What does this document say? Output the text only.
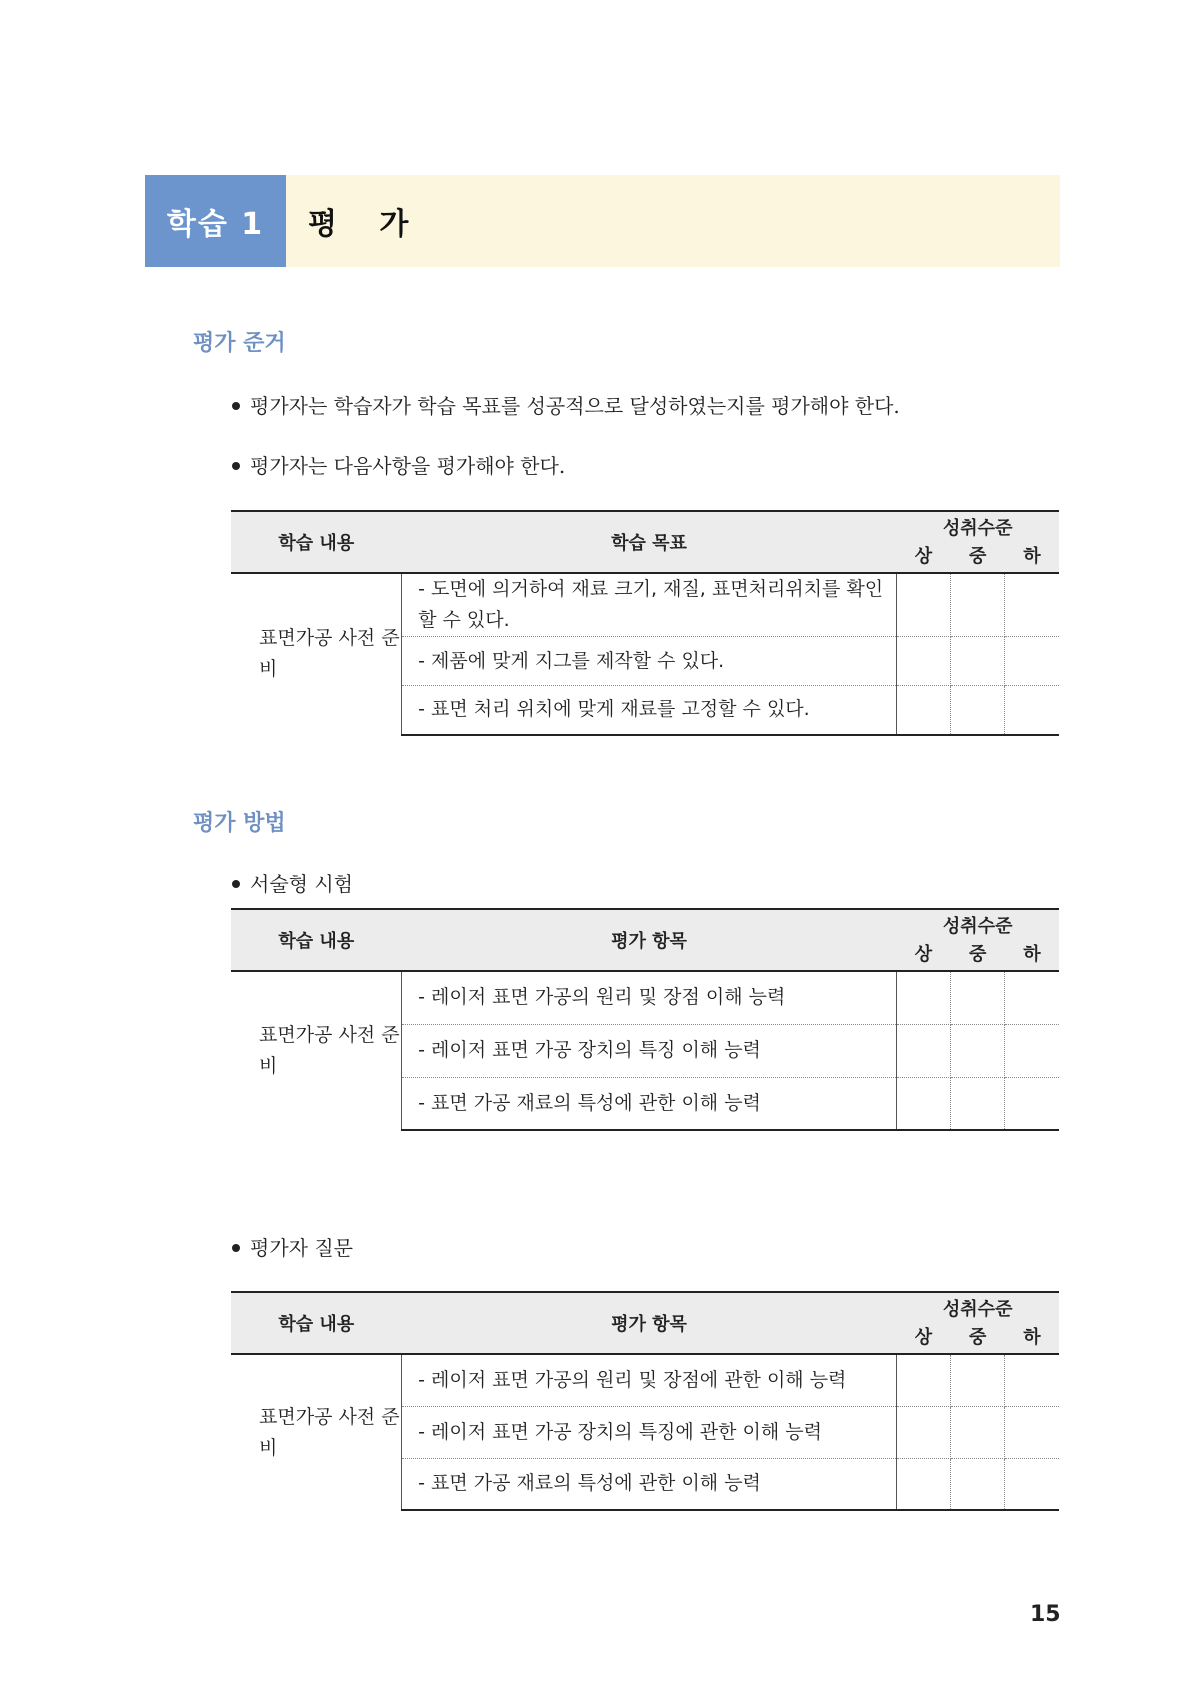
학습 1	평 가
평가 준거
평가자는 학습자가 학습 목표를 성공적으로 달성하였는지를 평가해야 한다.
평가자는 다음사항을 평가해야 한다.
학습 내용	학습 목표	성취수준		
		상	중	하
표면가공 사전 준비	- 도면에 의거하여 재료 크기, 재질, 표면처리위치를 확인할 수 있다.			
	- 제품에 맞게 지그를 제작할 수 있다.			
	- 표면 처리 위치에 맞게 재료를 고정할 수 있다.			
평가 방법
서술형 시험
학습 내용	평가 항목	성취수준		
		상	중	하
표면가공 사전 준비	- 레이저 표면 가공의 원리 및 장점 이해 능력			
	- 레이저 표면 가공 장치의 특징 이해 능력			
	- 표면 가공 재료의 특성에 관한 이해 능력			
평가자 질문
학습 내용	평가 항목	성취수준		
		상	중	하
표면가공 사전 준비	- 레이저 표면 가공의 원리 및 장점에 관한 이해 능력			
	- 레이저 표면 가공 장치의 특징에 관한 이해 능력			
	- 표면 가공 재료의 특성에 관한 이해 능력			
15
